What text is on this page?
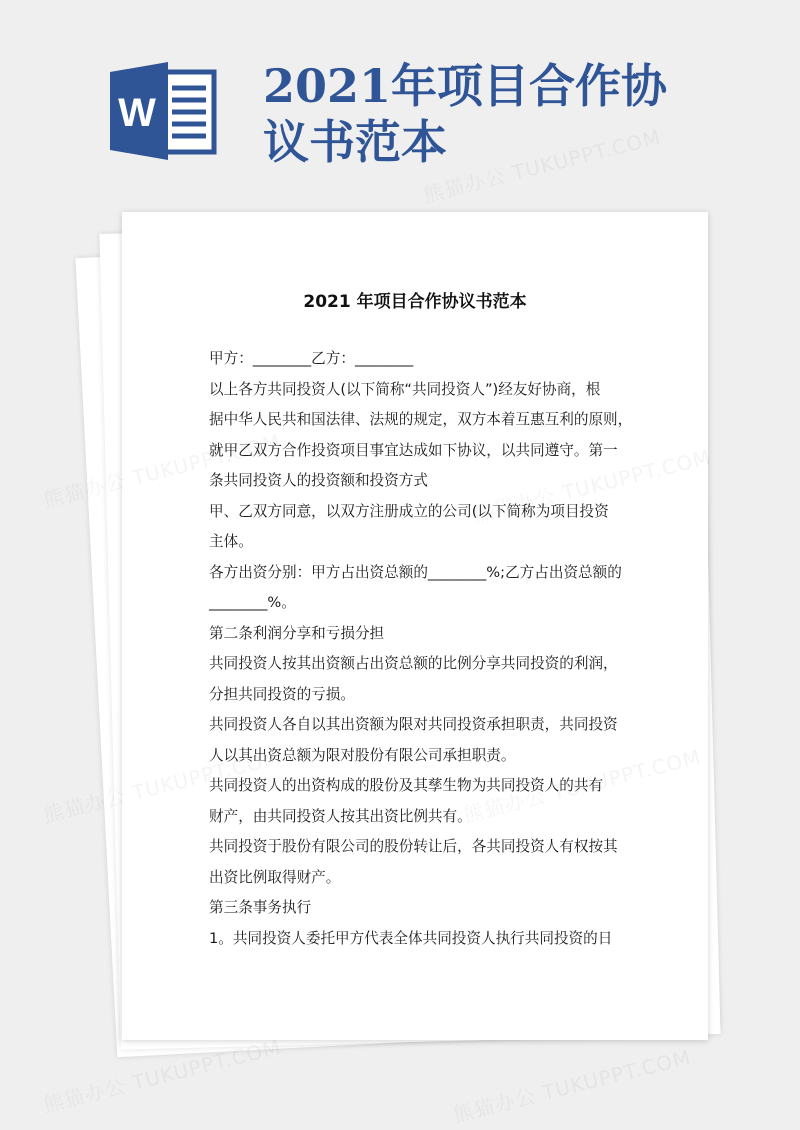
W 2021年项目合作协
议书范本
2021 年项目合作协议书范本

甲方：________乙方：________

以上各方共同投资人(以下简称“共同投资人”)经友好协商，根

据中华人民共和国法律、法规的规定，双方本着互惠互利的原则，

就甲乙双方合作投资项目事宜达成如下协议，以共同遵守。第一

条共同投资人的投资额和投资方式

甲、乙双方同意，以双方注册成立的公司(以下简称为项目投资

主体。

各方出资分别：甲方占出资总额的________%;乙方占出资总额的

________%。

第二条利润分享和亏损分担

共同投资人按其出资额占出资总额的比例分享共同投资的利润，

分担共同投资的亏损。

共同投资人各自以其出资额为限对共同投资承担职责，共同投资

人以其出资总额为限对股份有限公司承担职责。

共同投资人的出资构成的股份及其孳生物为共同投资人的共有

财产，由共同投资人按其出资比例共有。

共同投资于股份有限公司的股份转让后，各共同投资人有权按其

出资比例取得财产。

第三条事务执行

1。共同投资人委托甲方代表全体共同投资人执行共同投资的日
